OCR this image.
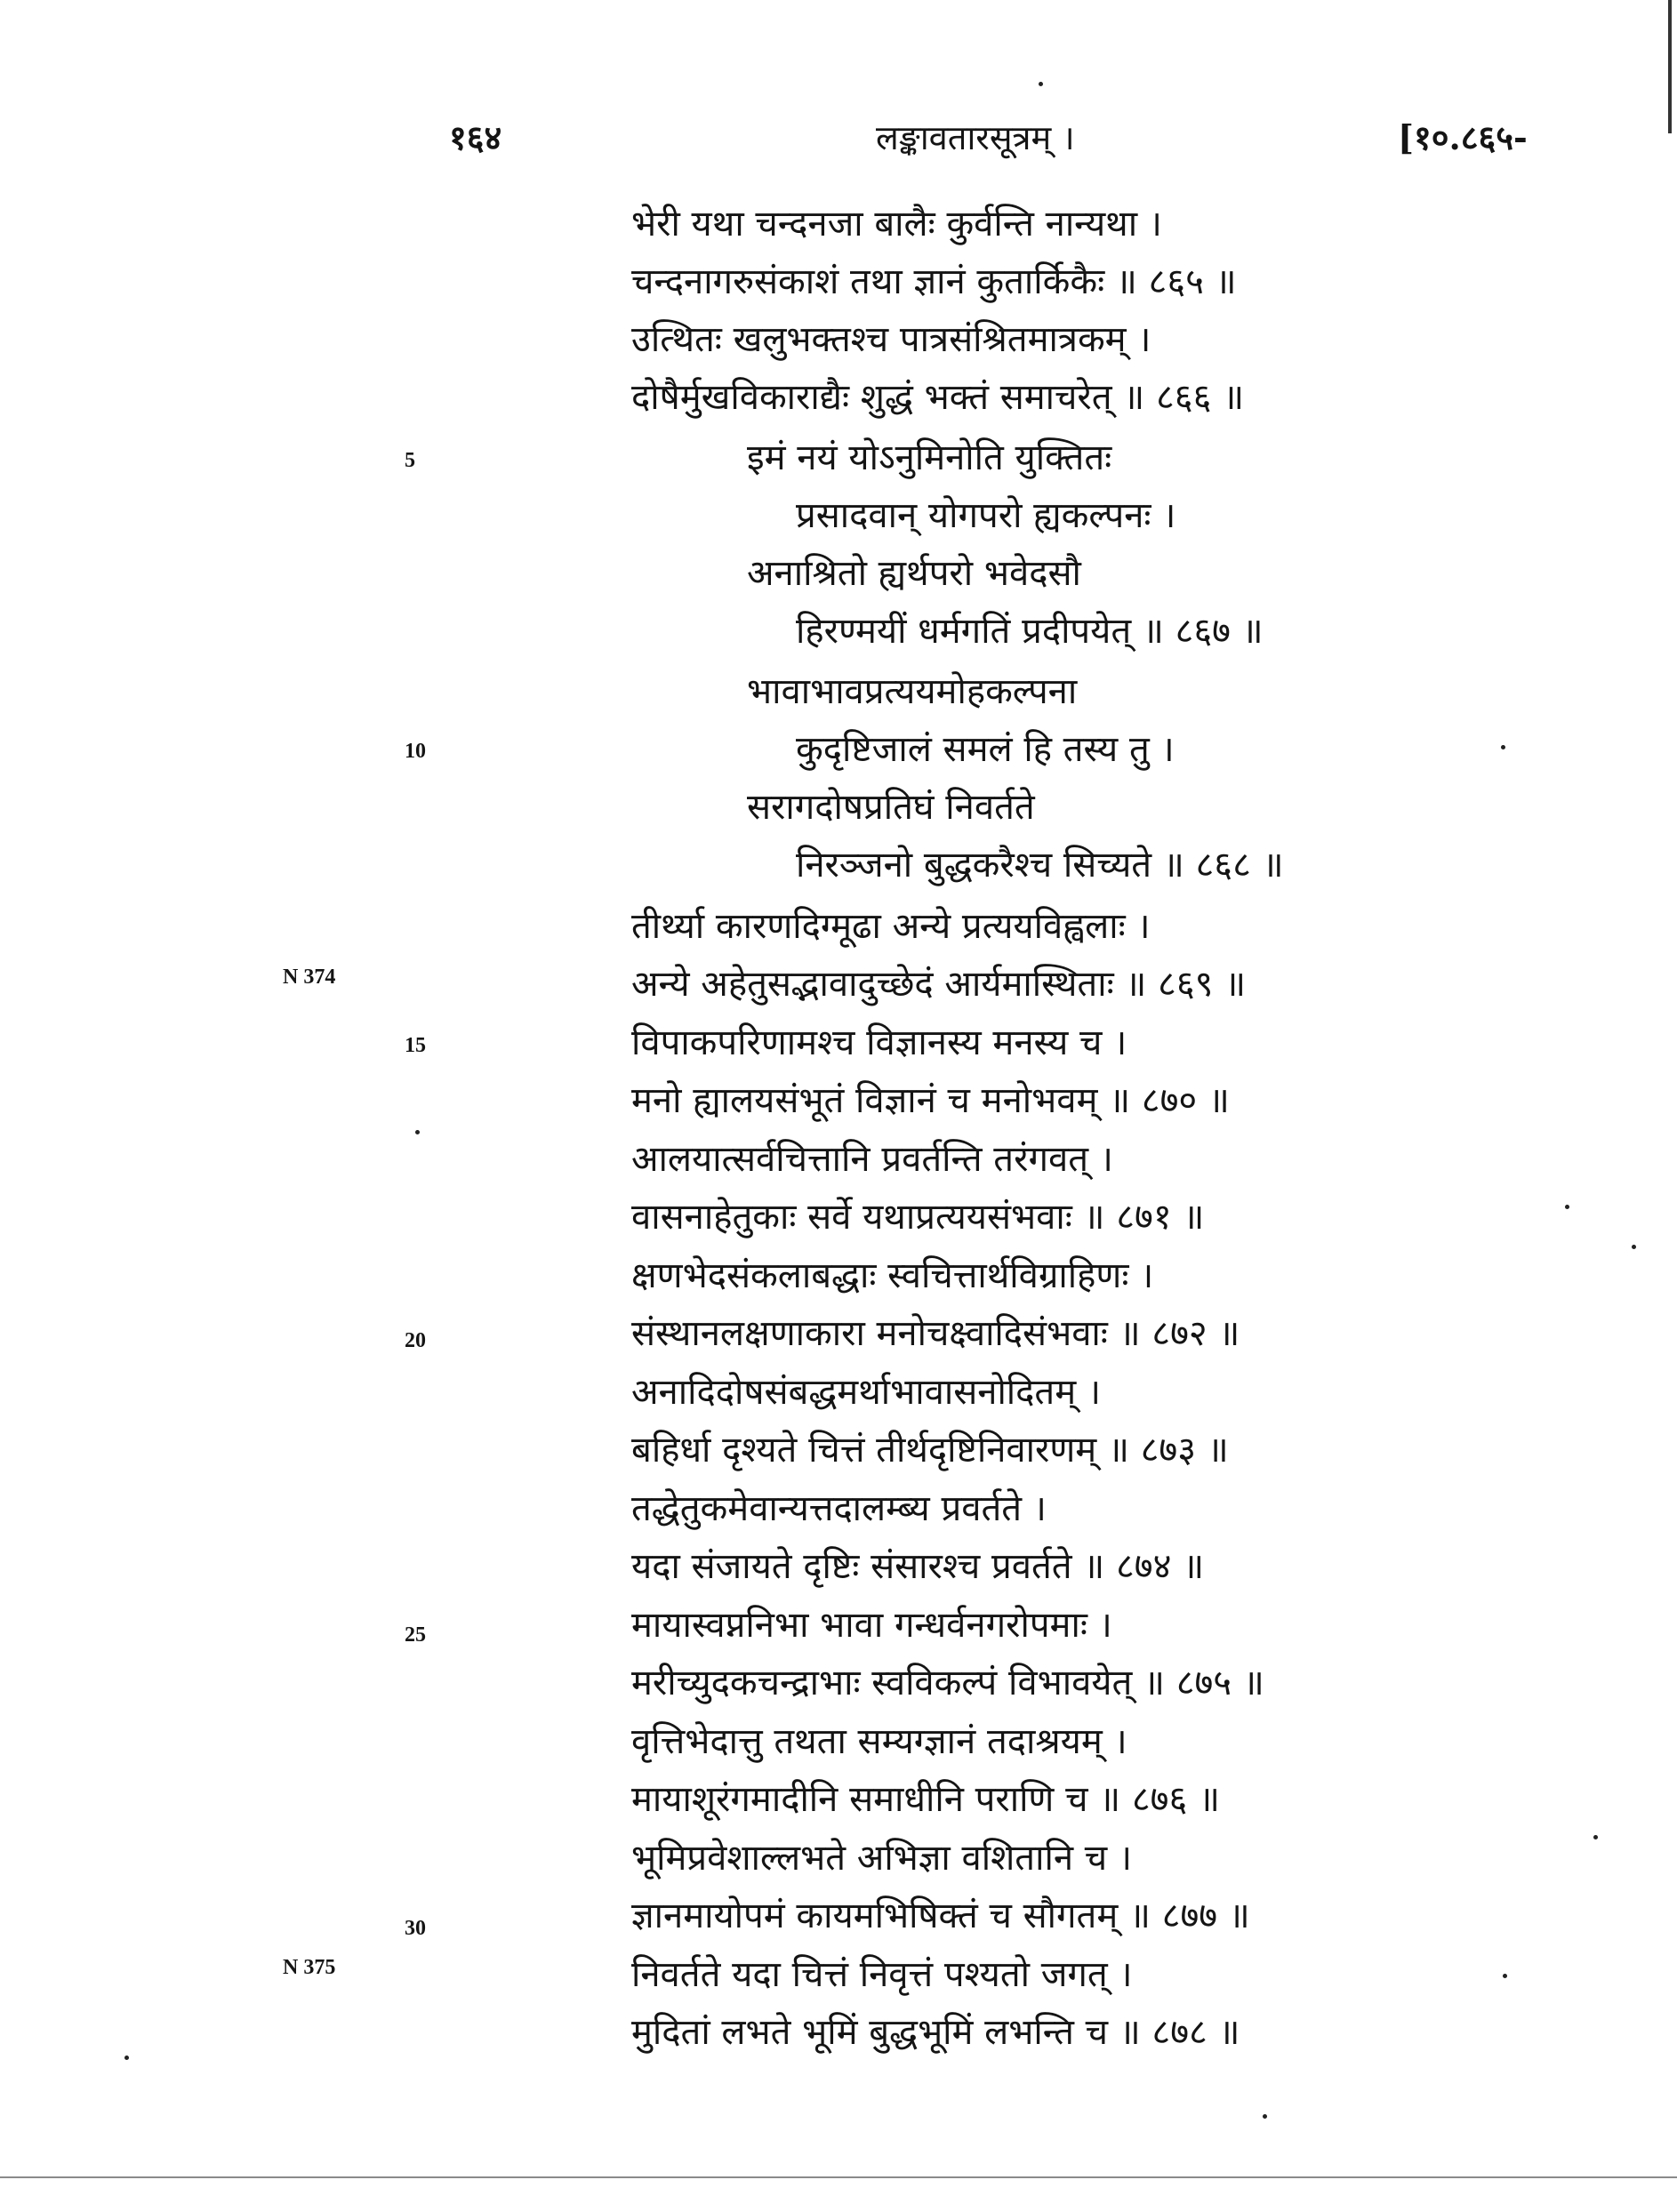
१६४	लङ्कावतारसूत्रम् ।	[१०.८६५-
भेरी यथा चन्दनजा बालैः कुर्वन्ति नान्यथा ।
चन्दनागरुसंकाशं तथा ज्ञानं कुतार्किकैः ॥ ८६५ ॥
उत्थितः खलुभक्तश्च पात्रसंश्रितमात्रकम् ।
दोषैर्मुखविकाराद्यैः शुद्धं भक्तं समाचरेत् ॥ ८६६ ॥
इमं नयं योऽनुमिनोति युक्तितः
प्रसादवान् योगपरो ह्यकल्पनः ।
अनाश्रितो ह्यर्थपरो भवेदसौ
हिरण्मयीं धर्मगतिं प्रदीपयेत् ॥ ८६७ ॥
भावाभावप्रत्ययमोहकल्पना
कुदृष्टिजालं समलं हि तस्य तु ।
सरागदोषप्रतिघं निवर्तते
निरञ्जनो बुद्धकरैश्च सिच्यते ॥ ८६८ ॥
तीर्थ्या कारणदिग्मूढा अन्ये प्रत्ययविह्वलाः ।
अन्ये अहेतुसद्भावादुच्छेदं आर्यमास्थिताः ॥ ८६९ ॥
विपाकपरिणामश्च विज्ञानस्य मनस्य च ।
मनो ह्यालयसंभूतं विज्ञानं च मनोभवम् ॥ ८७० ॥
आलयात्सर्वचित्तानि प्रवर्तन्ति तरंगवत् ।
वासनाहेतुकाः सर्वे यथाप्रत्ययसंभवाः ॥ ८७१ ॥
क्षणभेदसंकलाबद्धाः स्वचित्तार्थविग्राहिणः ।
संस्थानलक्षणाकारा मनोचक्ष्वादिसंभवाः ॥ ८७२ ॥
अनादिदोषसंबद्धमर्थाभावासनोदितम् ।
बहिर्धा दृश्यते चित्तं तीर्थदृष्टिनिवारणम् ॥ ८७३ ॥
तद्धेतुकमेवान्यत्तदालम्ब्य प्रवर्तते ।
यदा संजायते दृष्टिः संसारश्च प्रवर्तते ॥ ८७४ ॥
मायास्वप्ननिभा भावा गन्धर्वनगरोपमाः ।
मरीच्युदकचन्द्राभाः स्वविकल्पं विभावयेत् ॥ ८७५ ॥
वृत्तिभेदात्तु तथता सम्यग्ज्ञानं तदाश्रयम् ।
मायाशूरंगमादीनि समाधीनि पराणि च ॥ ८७६ ॥
भूमिप्रवेशाल्लभते अभिज्ञा वशितानि च ।
ज्ञानमायोपमं कायमभिषिक्तं च सौगतम् ॥ ८७७ ॥
निवर्तते यदा चित्तं निवृत्तं पश्यतो जगत् ।
मुदितां लभते भूमिं बुद्धभूमिं लभन्ति च ॥ ८७८ ॥
5
10
15
20
25
30
N 374
N 375
